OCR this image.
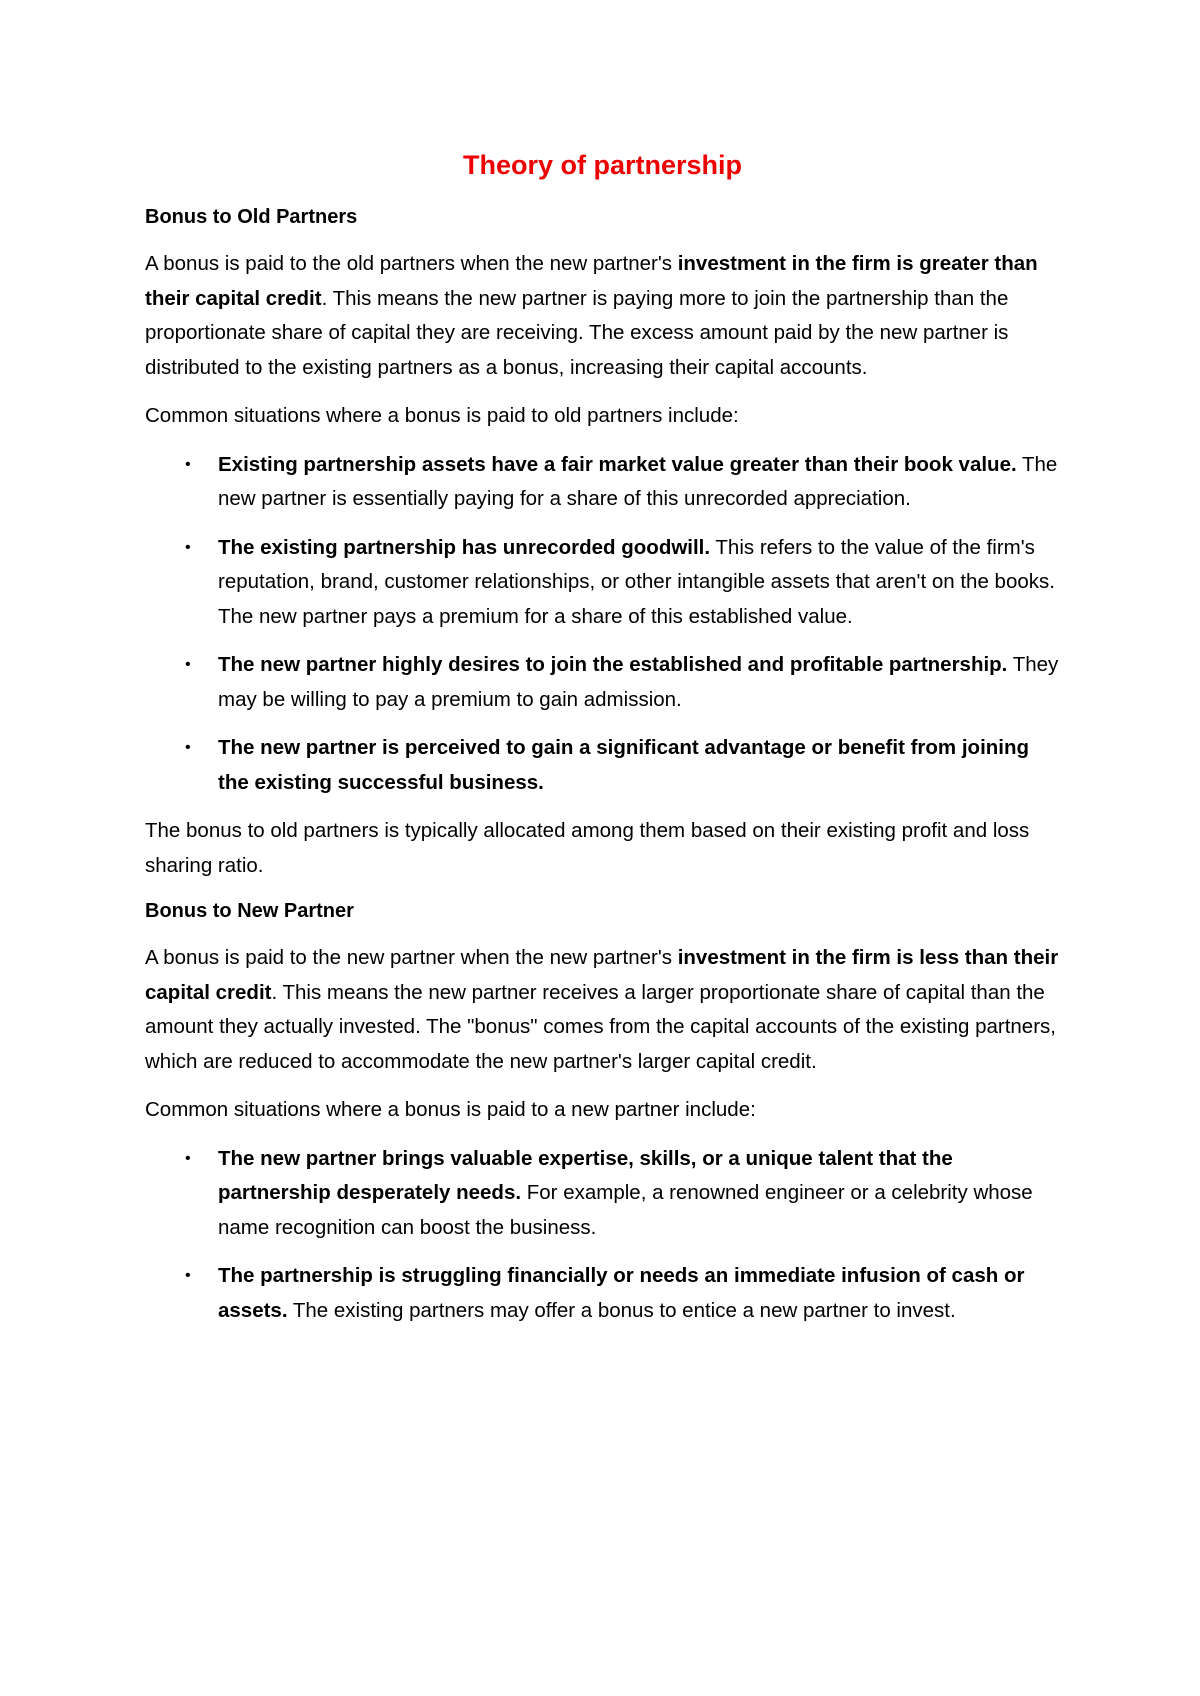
Theory of partnership
Bonus to Old Partners

A bonus is paid to the old partners when the new partner's investment in the firm is greater than their capital credit. This means the new partner is paying more to join the partnership than the proportionate share of capital they are receiving. The excess amount paid by the new partner is distributed to the existing partners as a bonus, increasing their capital accounts.

Common situations where a bonus is paid to old partners include:

•	Existing partnership assets have a fair market value greater than their book value. The new partner is essentially paying for a share of this unrecorded appreciation.
•	The existing partnership has unrecorded goodwill. This refers to the value of the firm's reputation, brand, customer relationships, or other intangible assets that aren't on the books. The new partner pays a premium for a share of this established value.
•	The new partner highly desires to join the established and profitable partnership. They may be willing to pay a premium to gain admission.
•	The new partner is perceived to gain a significant advantage or benefit from joining the existing successful business.

The bonus to old partners is typically allocated among them based on their existing profit and loss sharing ratio.

Bonus to New Partner

A bonus is paid to the new partner when the new partner's investment in the firm is less than their capital credit. This means the new partner receives a larger proportionate share of capital than the amount they actually invested. The "bonus" comes from the capital accounts of the existing partners, which are reduced to accommodate the new partner's larger capital credit.

Common situations where a bonus is paid to a new partner include:

•	The new partner brings valuable expertise, skills, or a unique talent that the partnership desperately needs. For example, a renowned engineer or a celebrity whose name recognition can boost the business.
•	The partnership is struggling financially or needs an immediate infusion of cash or assets. The existing partners may offer a bonus to entice a new partner to invest.
